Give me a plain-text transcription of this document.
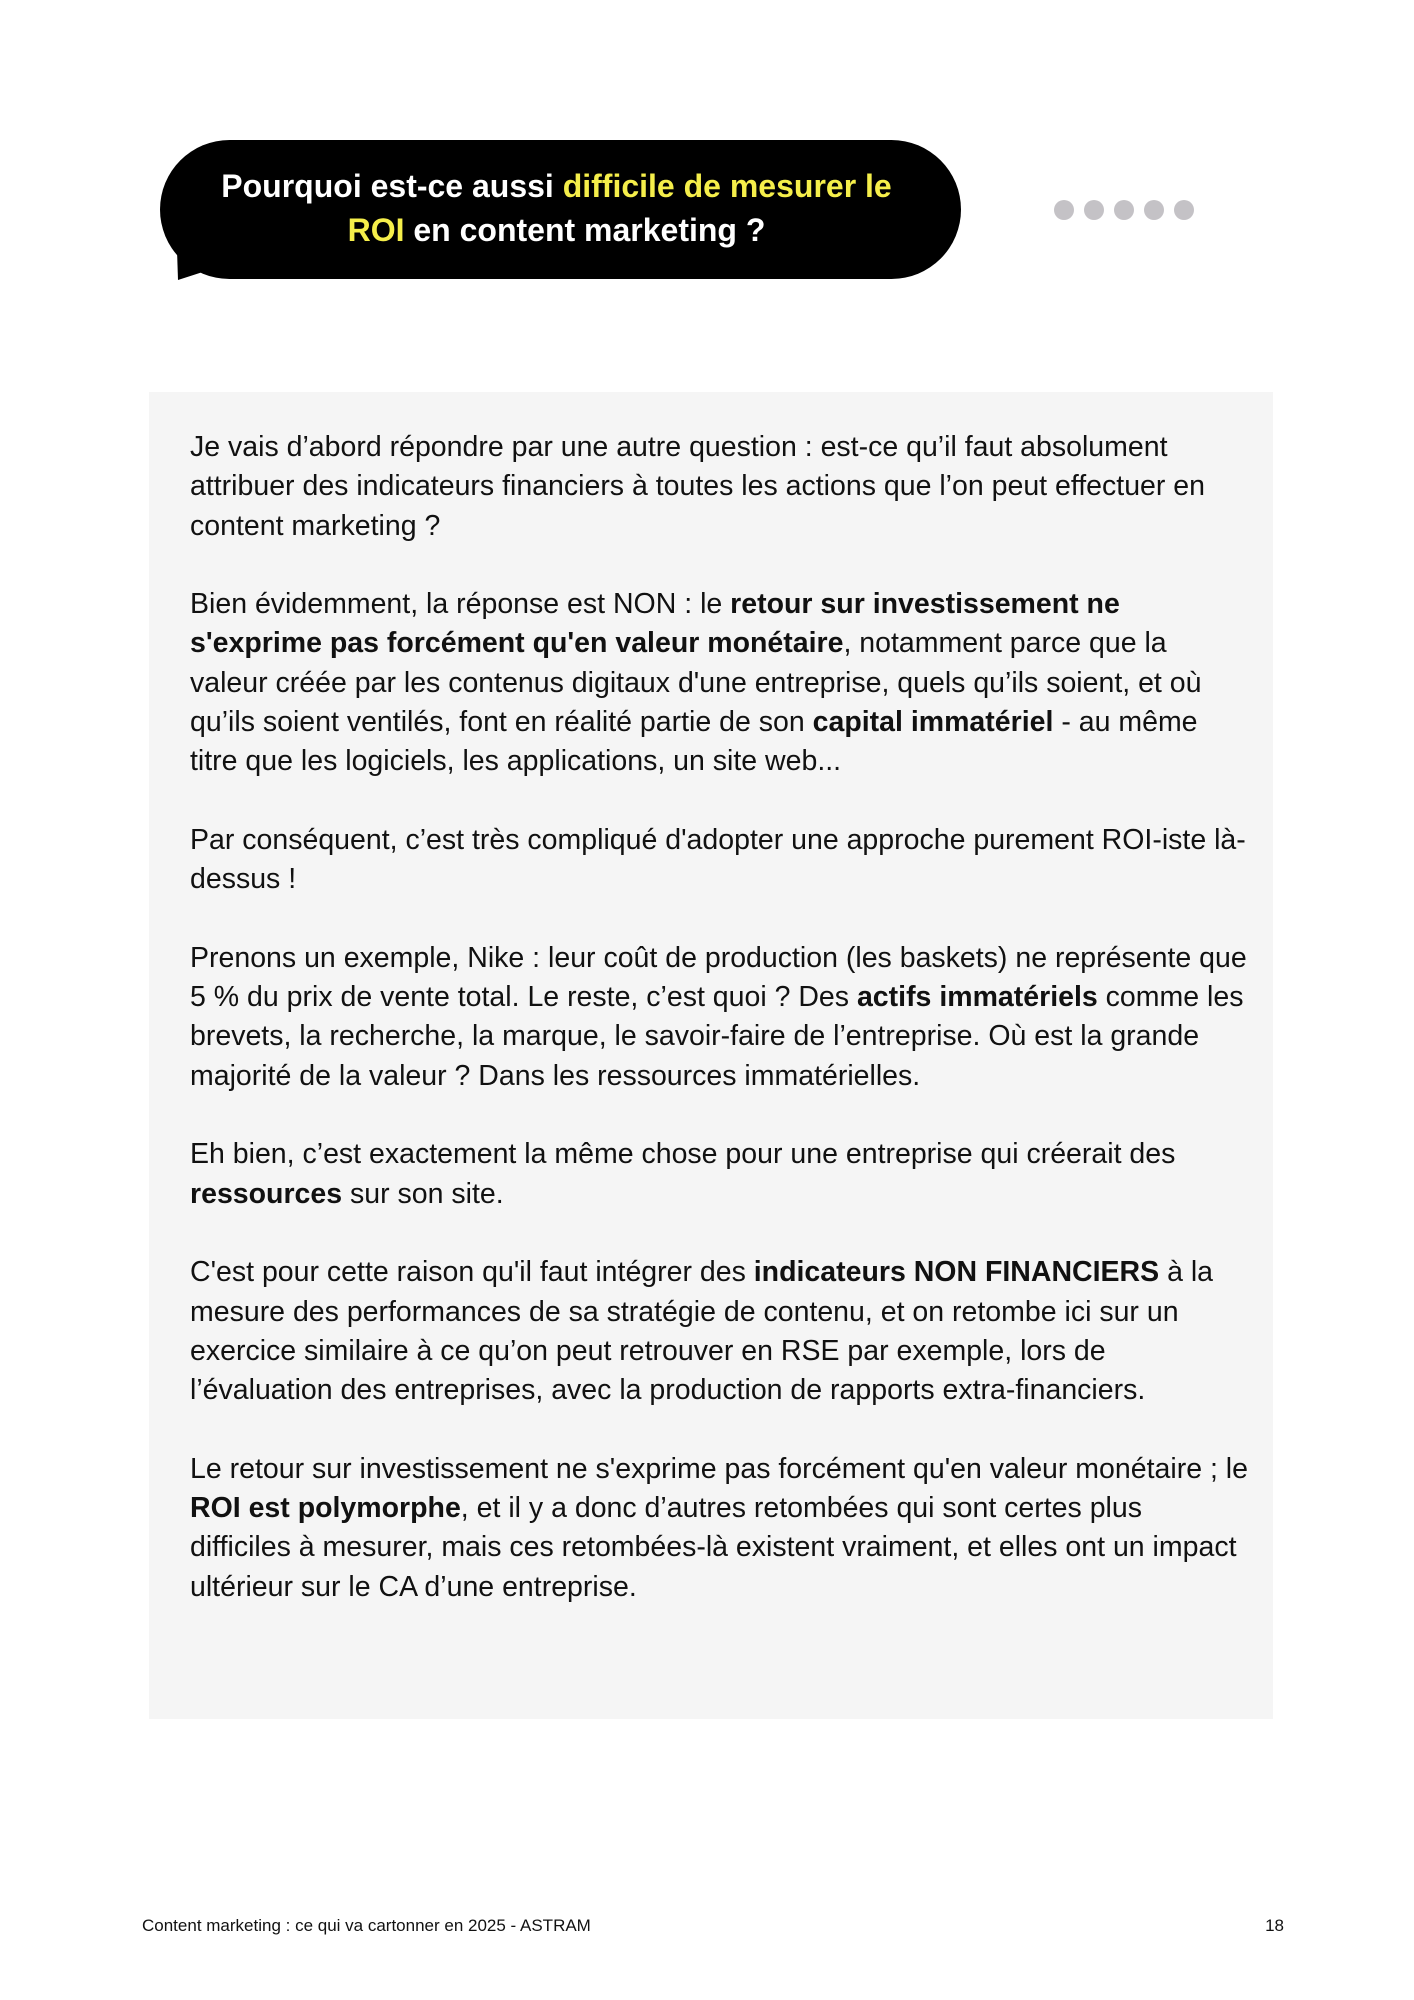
Pourquoi est-ce aussi difficile de mesurer le
ROI en content marketing ?

Je vais d’abord répondre par une autre question : est-ce qu’il faut absolument attribuer des indicateurs financiers à toutes les actions que l’on peut effectuer en content marketing ?

Bien évidemment, la réponse est NON : le retour sur investissement ne s'exprime pas forcément qu'en valeur monétaire, notamment parce que la valeur créée par les contenus digitaux d'une entreprise, quels qu’ils soient, et où qu’ils soient ventilés, font en réalité partie de son capital immatériel - au même titre que les logiciels, les applications, un site web...

Par conséquent, c’est très compliqué d'adopter une approche purement ROI-iste là-dessus !

Prenons un exemple, Nike : leur coût de production (les baskets) ne représente que 5 % du prix de vente total. Le reste, c’est quoi ? Des actifs immatériels comme les brevets, la recherche, la marque, le savoir-faire de l’entreprise. Où est la grande majorité de la valeur ? Dans les ressources immatérielles.

Eh bien, c’est exactement la même chose pour une entreprise qui créerait des ressources sur son site.

C'est pour cette raison qu'il faut intégrer des indicateurs NON FINANCIERS à la mesure des performances de sa stratégie de contenu, et on retombe ici sur un exercice similaire à ce qu’on peut retrouver en RSE par exemple, lors de l’évaluation des entreprises, avec la production de rapports extra-financiers.

Le retour sur investissement ne s'exprime pas forcément qu'en valeur monétaire ; le ROI est polymorphe, et il y a donc d’autres retombées qui sont certes plus difficiles à mesurer, mais ces retombées-là existent vraiment, et elles ont un impact ultérieur sur le CA d’une entreprise.

Content marketing : ce qui va cartonner en 2025 - ASTRAM	18
